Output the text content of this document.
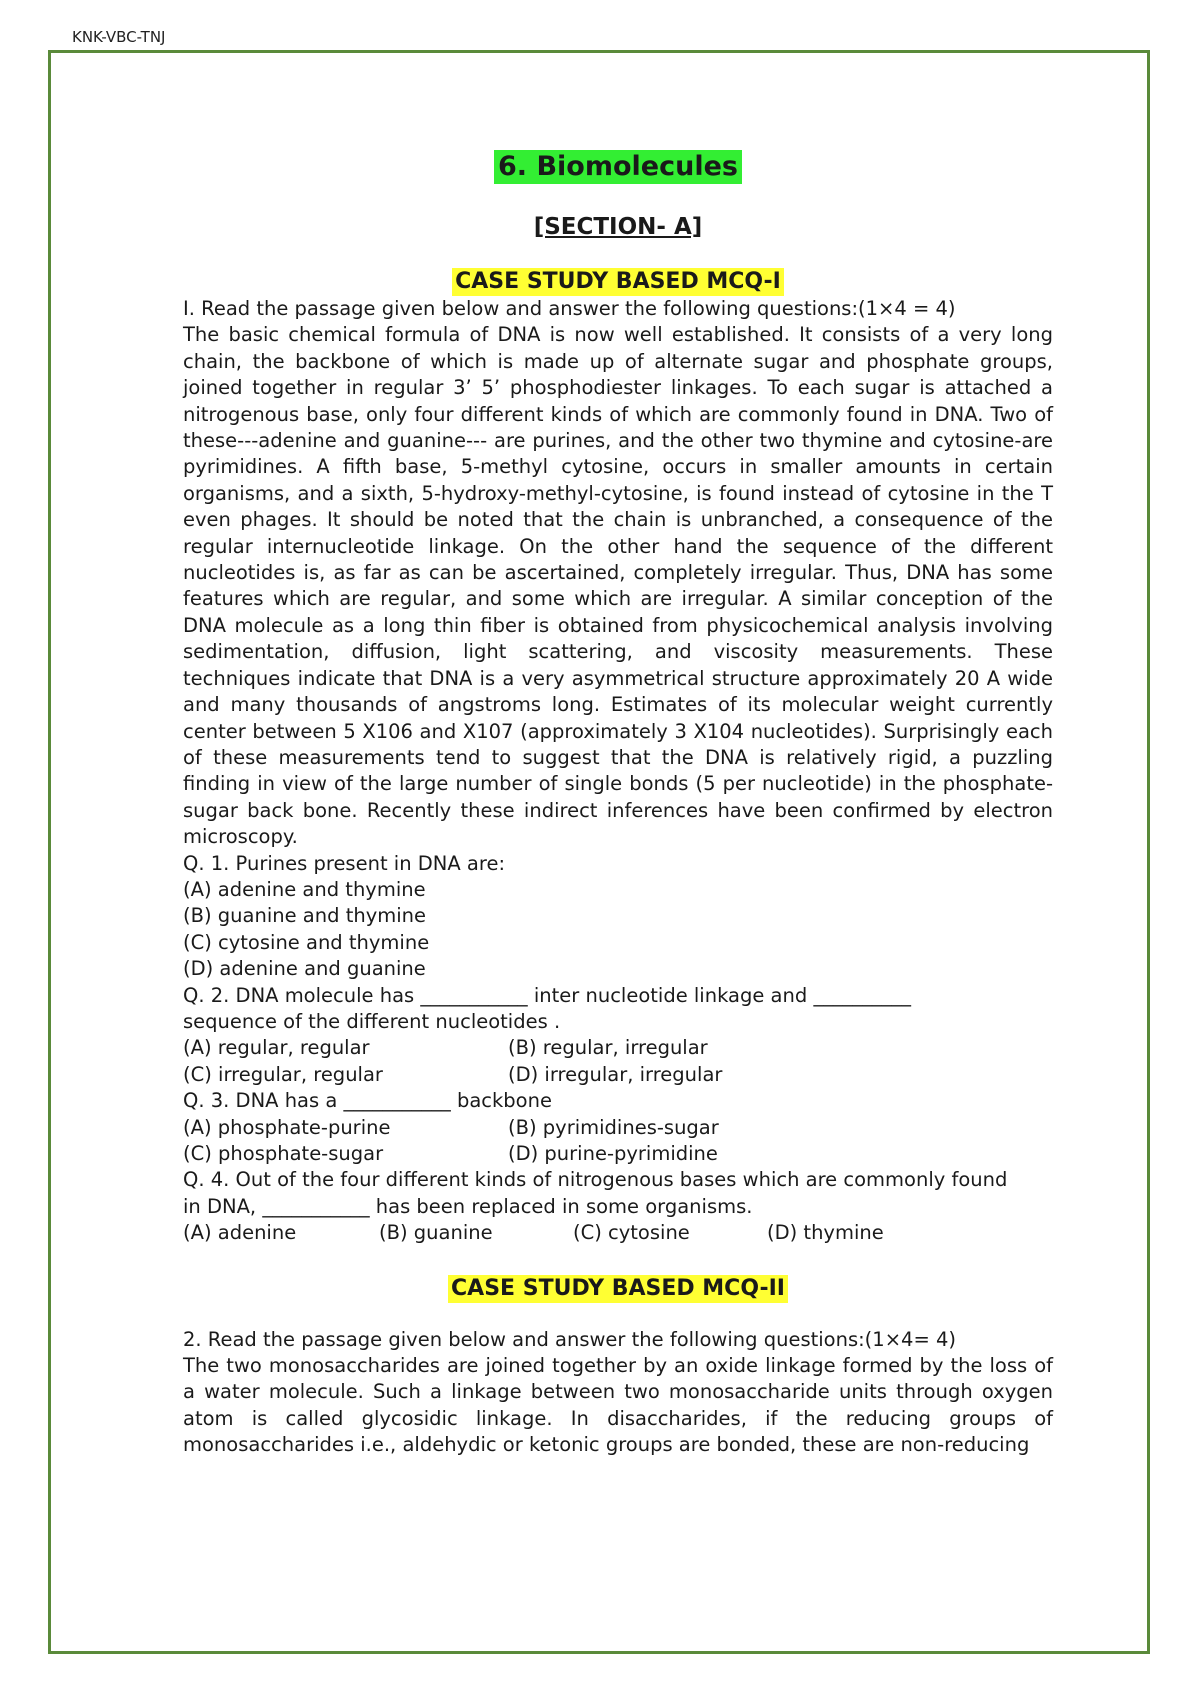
KNK-VBC-TNJ
6. Biomolecules
[SECTION- A]
CASE STUDY BASED MCQ-I

I. Read the passage given below and answer the following questions:(1×4 = 4)

The basic chemical formula of DNA is now well established. It consists of a very long chain, the backbone of which is made up of alternate sugar and phosphate groups, joined together in regular 3’ 5’ phosphodiester linkages. To each sugar is attached a nitrogenous base, only four different kinds of which are commonly found in DNA. Two of these---adenine and guanine--- are purines, and the other two thymine and cytosine-are pyrimidines. A fifth base, 5-methyl cytosine, occurs in smaller amounts in certain organisms, and a sixth, 5-hydroxy-methyl-cytosine, is found instead of cytosine in the T even phages. It should be noted that the chain is unbranched, a consequence of the regular internucleotide linkage. On the other hand the sequence of the different nucleotides is, as far as can be ascertained, completely irregular. Thus, DNA has some features which are regular, and some which are irregular. A similar conception of the DNA molecule as a long thin fiber is obtained from physicochemical analysis involving sedimentation, diffusion, light scattering, and viscosity measurements. These techniques indicate that DNA is a very asymmetrical structure approximately 20 A wide and many thousands of angstroms long. Estimates of its molecular weight currently center between 5 X106 and X107 (approximately 3 X104 nucleotides). Surprisingly each of these measurements tend to suggest that the DNA is relatively rigid, a puzzling finding in view of the large number of single bonds (5 per nucleotide) in the phosphate-sugar back bone. Recently these indirect inferences have been confirmed by electron microscopy.

Q. 1. Purines present in DNA are:

(A) adenine and thymine

(B) guanine and thymine

(C) cytosine and thymine

(D) adenine and guanine

Q. 2. DNA molecule has ___________ inter nucleotide linkage and __________

sequence of the different nucleotides .

(A) regular, regular	(B) regular, irregular
(C) irregular, regular	(D) irregular, irregular

Q. 3. DNA has a ___________ backbone

(A) phosphate-purine	(B) pyrimidines-sugar
(C) phosphate-sugar	(D) purine-pyrimidine

Q. 4. Out of the four different kinds of nitrogenous bases which are commonly found

in DNA, ___________ has been replaced in some organisms.

(A) adenine	(B) guanine	(C) cytosine	(D) thymine
CASE STUDY BASED MCQ-II

2. Read the passage given below and answer the following questions:(1×4= 4)

The two monosaccharides are joined together by an oxide linkage formed by the loss of a water molecule. Such a linkage between two monosaccharide units through oxygen atom is called glycosidic linkage. In disaccharides, if the reducing groups of monosaccharides i.e., aldehydic or ketonic groups are bonded, these are non-reducing
